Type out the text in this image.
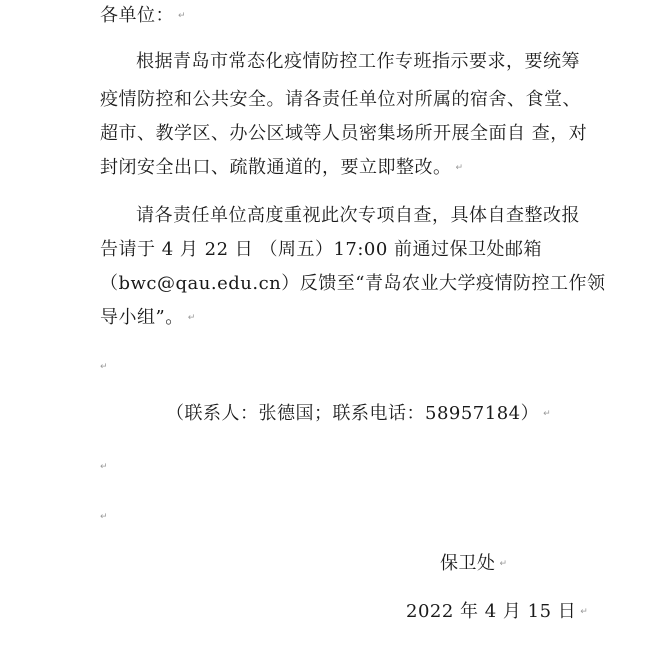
各单位： ↵
根据青岛市常态化疫情防控工作专班指示要求，要统筹
疫情防控和公共安全。请各责任单位对所属的宿舍、食堂、
超市、教学区、办公区域等人员密集场所开展全面自 查，对
封闭安全出口、疏散通道的，要立即整改。 ↵
请各责任单位高度重视此次专项自查，具体自查整改报
告请于 4 月 22 日 （周五）17:00 前通过保卫处邮箱
（bwc@qau.edu.cn）反馈至“青岛农业大学疫情防控工作领
导小组”。 ↵
↵
（联系人：张德国；联系电话：58957184） ↵
↵
↵
保卫处 ↵
2022 年 4 月 15 日 ↵
